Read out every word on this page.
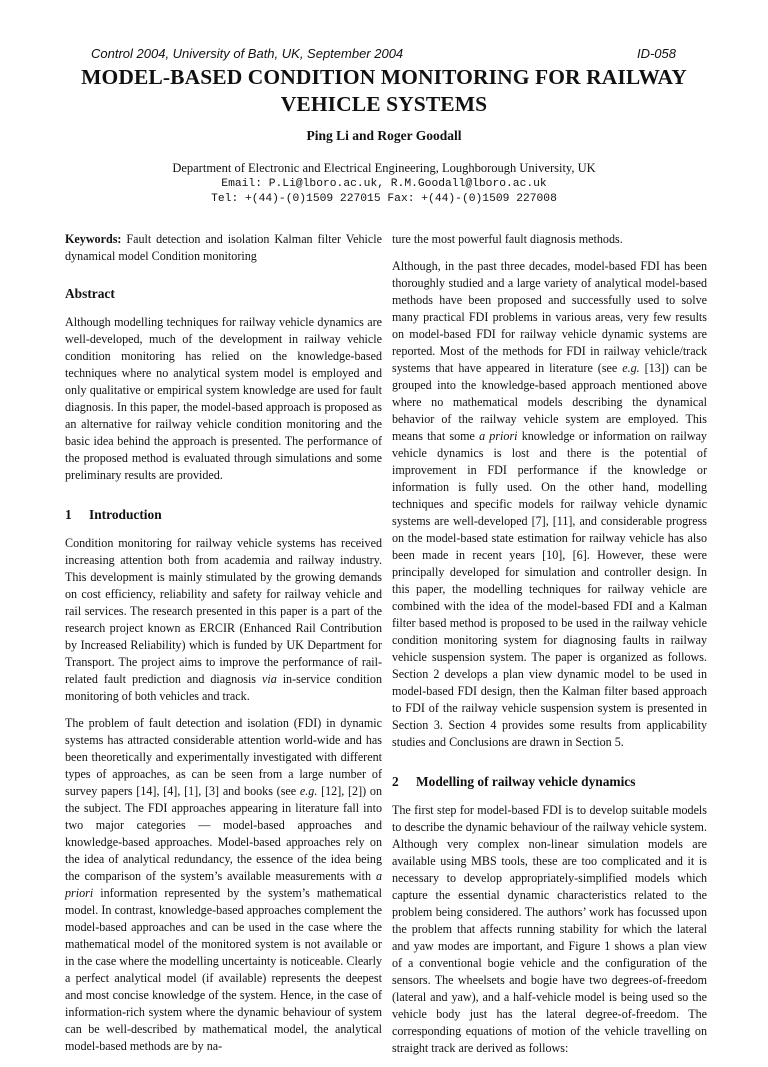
Control 2004, University of Bath, UK, September 2004	ID-058
MODEL-BASED CONDITION MONITORING FOR RAILWAY VEHICLE SYSTEMS
Ping Li and Roger Goodall
Department of Electronic and Electrical Engineering, Loughborough University, UK
Email: P.Li@lboro.ac.uk, R.M.Goodall@lboro.ac.uk
Tel: +(44)-(0)1509 227015 Fax: +(44)-(0)1509 227008

Keywords: Fault detection and isolation Kalman filter Vehicle dynamical model Condition monitoring

Abstract

Although modelling techniques for railway vehicle dynamics are well-developed, much of the development in railway vehicle condition monitoring has relied on the knowledge-based techniques where no analytical system model is employed and only qualitative or empirical system knowledge are used for fault diagnosis. In this paper, the model-based approach is proposed as an alternative for railway vehicle condition monitoring and the basic idea behind the approach is presented. The performance of the proposed method is evaluated through simulations and some preliminary results are provided.

1 Introduction

Condition monitoring for railway vehicle systems has received increasing attention both from academia and railway industry. This development is mainly stimulated by the growing demands on cost efficiency, reliability and safety for railway vehicle and rail services. The research presented in this paper is a part of the research project known as ERCIR (Enhanced Rail Contribution by Increased Reliability) which is funded by UK Department for Transport. The project aims to improve the performance of rail-related fault prediction and diagnosis via in-service condition monitoring of both vehicles and track.

The problem of fault detection and isolation (FDI) in dynamic systems has attracted considerable attention world-wide and has been theoretically and experimentally investigated with different types of approaches, as can be seen from a large number of survey papers [14], [4], [1], [3] and books (see e.g. [12], [2]) on the subject. The FDI approaches appearing in literature fall into two major categories — model-based approaches and knowledge-based approaches. Model-based approaches rely on the idea of analytical redundancy, the essence of the idea being the comparison of the system’s available measurements with a priori information represented by the system’s mathematical model. In contrast, knowledge-based approaches complement the model-based approaches and can be used in the case where the mathematical model of the monitored system is not available or in the case where the modelling uncertainty is noticeable. Clearly a perfect analytical model (if available) represents the deepest and most concise knowledge of the system. Hence, in the case of information-rich system where the dynamic behaviour of system can be well-described by mathematical model, the analytical model-based methods are by na-

ture the most powerful fault diagnosis methods.

Although, in the past three decades, model-based FDI has been thoroughly studied and a large variety of analytical model-based methods have been proposed and successfully used to solve many practical FDI problems in various areas, very few results on model-based FDI for railway vehicle dynamic systems are reported. Most of the methods for FDI in railway vehicle/track systems that have appeared in literature (see e.g. [13]) can be grouped into the knowledge-based approach mentioned above where no mathematical models describing the dynamical behavior of the railway vehicle system are employed. This means that some a priori knowledge or information on railway vehicle dynamics is lost and there is the potential of improvement in FDI performance if the knowledge or information is fully used. On the other hand, modelling techniques and specific models for railway vehicle dynamic systems are well-developed [7], [11], and considerable progress on the model-based state estimation for railway vehicle has also been made in recent years [10], [6]. However, these were principally developed for simulation and controller design. In this paper, the modelling techniques for railway vehicle are combined with the idea of the model-based FDI and a Kalman filter based method is proposed to be used in the railway vehicle condition monitoring system for diagnosing faults in railway vehicle suspension system. The paper is organized as follows. Section 2 develops a plan view dynamic model to be used in model-based FDI design, then the Kalman filter based approach to FDI of the railway vehicle suspension system is presented in Section 3. Section 4 provides some results from applicability studies and Conclusions are drawn in Section 5.

2 Modelling of railway vehicle dynamics

The first step for model-based FDI is to develop suitable models to describe the dynamic behaviour of the railway vehicle system. Although very complex non-linear simulation models are available using MBS tools, these are too complicated and it is necessary to develop appropriately-simplified models which capture the essential dynamic characteristics related to the problem being considered. The authors’ work has focussed upon the problem that affects running stability for which the lateral and yaw modes are important, and Figure 1 shows a plan view of a conventional bogie vehicle and the configuration of the sensors. The wheelsets and bogie have two degrees-of-freedom (lateral and yaw), and a half-vehicle model is being used so the vehicle body just has the lateral degree-of-freedom. The corresponding equations of motion of the vehicle travelling on straight track are derived as follows:
